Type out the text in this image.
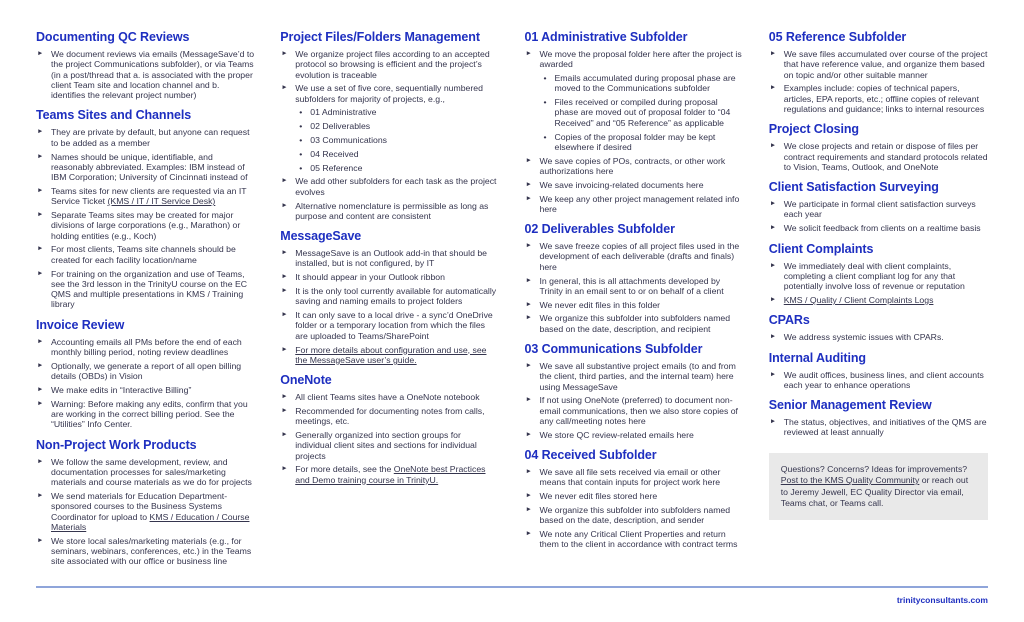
Documenting QC Reviews
► We document reviews via emails (MessageSave’d to the project Communications subfolder), or via Teams (in a post/thread that a. is associated with the proper client Team site and location channel and b. identifies the relevant project number)
Teams Sites and Channels
► They are private by default, but anyone can request to be added as a member
► Names should be unique, identifiable, and reasonably abbreviated. Examples: IBM instead of IBM Corporation; University of Cincinnati instead of
► Teams sites for new clients are requested via an IT Service Ticket (KMS / IT / IT Service Desk)
► Separate Teams sites may be created for major divisions of large corporations (e.g., Marathon) or holding entities (e.g., Koch)
► For most clients, Teams site channels should be created for each facility location/name
► For training on the organization and use of Teams, see the 3rd lesson in the TrinityU course on the EC QMS and multiple presentations in KMS / Training library
Invoice Review
► Accounting emails all PMs before the end of each monthly billing period, noting review deadlines
► Optionally, we generate a report of all open billing details (OBDs) in Vision
► We make edits in “Interactive Billing”
► Warning: Before making any edits, confirm that you are working in the correct billing period. See the “Utilities” Info Center.
Non-Project Work Products
► We follow the same development, review, and documentation processes for sales/marketing materials and course materials as we do for projects
► We send materials for Education Department-sponsored courses to the Business Systems Coordinator for upload to KMS / Education / Course Materials
► We store local sales/marketing materials (e.g., for seminars, webinars, conferences, etc.) in the Teams site associated with our office or business line
Project Files/Folders Management
► We organize project files according to an accepted protocol so browsing is efficient and the project’s evolution is traceable
► We use a set of five core, sequentially numbered subfolders for majority of projects, e.g.,
• 01 Administrative
• 02 Deliverables
• 03 Communications
• 04 Received
• 05 Reference
► We add other subfolders for each task as the project evolves
► Alternative nomenclature is permissible as long as purpose and content are consistent
MessageSave
► MessageSave is an Outlook add-in that should be installed, but is not configured, by IT
► It should appear in your Outlook ribbon
► It is the only tool currently available for automatically saving and naming emails to project folders
► It can only save to a local drive - a sync’d OneDrive folder or a temporary location from which the files are uploaded to Teams/SharePoint
► For more details about configuration and use, see the MessageSave user’s guide.
OneNote
► All client Teams sites have a OneNote notebook
► Recommended for documenting notes from calls, meetings, etc.
► Generally organized into section groups for individual client sites and sections for individual projects
► For more details, see the OneNote best Practices and Demo training course in TrinityU.
01 Administrative Subfolder
► We move the proposal folder here after the project is awarded
• Emails accumulated during proposal phase are moved to the Communications subfolder
• Files received or compiled during proposal phase are moved out of proposal folder to “04 Received” and “05 Reference” as applicable
• Copies of the proposal folder may be kept elsewhere if desired
► We save copies of POs, contracts, or other work authorizations here
► We save invoicing-related documents here
► We keep any other project management related info here
02 Deliverables Subfolder
► We save freeze copies of all project files used in the development of each deliverable (drafts and finals) here
► In general, this is all attachments developed by Trinity in an email sent to or on behalf of a client
► We never edit files in this folder
► We organize this subfolder into subfolders named based on the date, description, and recipient
03 Communications Subfolder
► We save all substantive project emails (to and from the client, third parties, and the internal team) here using MessageSave
► If not using OneNote (preferred) to document non-email communications, then we also store copies of any call/meeting notes here
► We store QC review-related emails here
04 Received Subfolder
► We save all file sets received via email or other means that contain inputs for project work here
► We never edit files stored here
► We organize this subfolder into subfolders named based on the date, description, and sender
► We note any Critical Client Properties and return them to the client in accordance with contract terms
05 Reference Subfolder
► We save files accumulated over course of the project that have reference value, and organize them based on topic and/or other suitable manner
► Examples include: copies of technical papers, articles, EPA reports, etc.; offline copies of relevant regulations and guidance; links to internal resources
Project Closing
► We close projects and retain or dispose of files per contract requirements and standard protocols related to Vision, Teams, Outlook, and OneNote
Client Satisfaction Surveying
► We participate in formal client satisfaction surveys each year
► We solicit feedback from clients on a realtime basis
Client Complaints
► We immediately deal with client complaints, completing a client compliant log for any that potentially involve loss of revenue or reputation
► KMS / Quality / Client Complaints Logs
CPARs
► We address systemic issues with CPARs.
Internal Auditing
► We audit offices, business lines, and client accounts each year to enhance operations
Senior Management Review
► The status, objectives, and initiatives of the QMS are reviewed at least annually
Questions? Concerns? Ideas for improvements?
Post to the KMS Quality Community or reach out to Jeremy Jewell, EC Quality Director via email, Teams chat, or Teams call.
trinityconsultants.com
